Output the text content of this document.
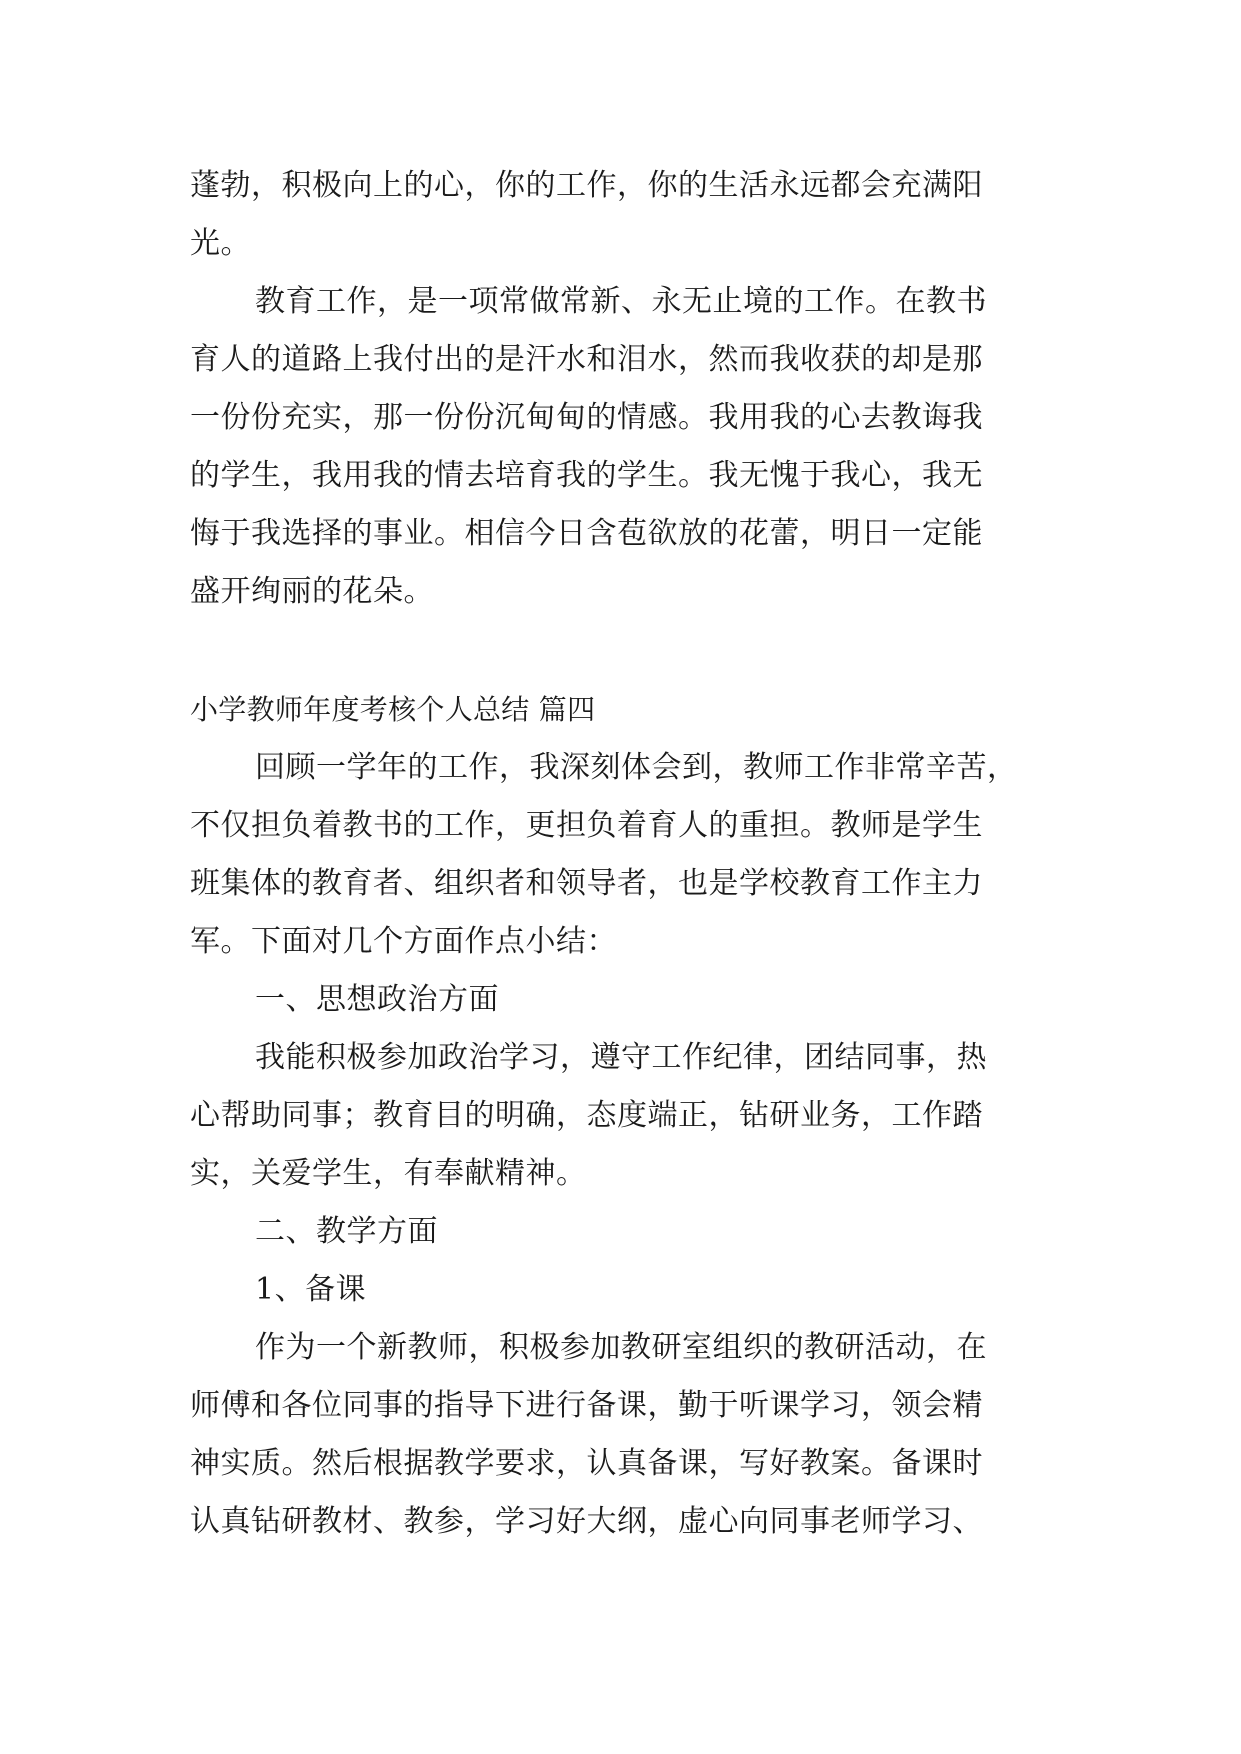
蓬勃，积极向上的心，你的工作，你的生活永远都会充满阳
光。
教育工作，是一项常做常新、永无止境的工作。在教书
育人的道路上我付出的是汗水和泪水，然而我收获的却是那
一份份充实，那一份份沉甸甸的情感。我用我的心去教诲我
的学生，我用我的情去培育我的学生。我无愧于我心，我无
悔于我选择的事业。相信今日含苞欲放的花蕾，明日一定能
盛开绚丽的花朵。
小学教师年度考核个人总结 篇四
回顾一学年的工作，我深刻体会到，教师工作非常辛苦，
不仅担负着教书的工作，更担负着育人的重担。教师是学生
班集体的教育者、组织者和领导者，也是学校教育工作主力
军。下面对几个方面作点小结：
一、思想政治方面
我能积极参加政治学习，遵守工作纪律，团结同事，热
心帮助同事；教育目的明确，态度端正，钻研业务，工作踏
实，关爱学生，有奉献精神。
二、教学方面
1、备课
作为一个新教师，积极参加教研室组织的教研活动，在
师傅和各位同事的指导下进行备课，勤于听课学习，领会精
神实质。然后根据教学要求，认真备课，写好教案。备课时
认真钻研教材、教参，学习好大纲，虚心向同事老师学习、
